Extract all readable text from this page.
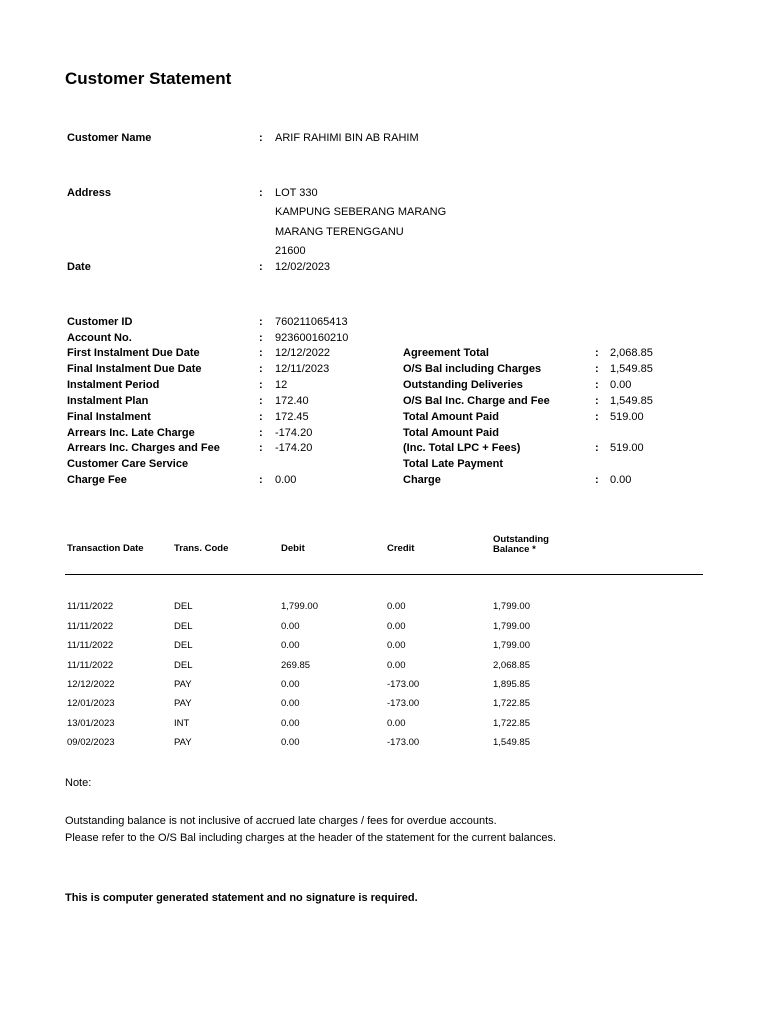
Customer Statement
Customer Name	: ARIF RAHIMI BIN AB RAHIM
Address	: LOT 330
KAMPUNG SEBERANG MARANG
MARANG TERENGGANU
21600
Date	: 12/02/2023
Customer ID	: 760211065413
Account No.	: 923600160210
First Instalment Due Date	: 12/12/2022
Final Instalment Due Date	: 12/11/2023
Instalment Period	: 12
Instalment Plan	: 172.40
Final Instalment	: 172.45
Arrears Inc. Late Charge	: -174.20
Arrears Inc. Charges and Fee	: -174.20
Customer Care Service
Charge Fee	: 0.00
Agreement Total	: 2,068.85
O/S Bal including Charges	: 1,549.85
Outstanding Deliveries	: 0.00
O/S Bal Inc. Charge and Fee	: 1,549.85
Total Amount Paid	: 519.00
Total Amount Paid
(Inc. Total LPC + Fees)	: 519.00
Total Late Payment
Charge	: 0.00
Transaction Date	Trans. Code	Debit	Credit
Outstanding
Balance *
11/11/2022	DEL	1,799.00	0.00	1,799.00
11/11/2022	DEL	0.00	0.00	1,799.00
11/11/2022	DEL	0.00	0.00	1,799.00
11/11/2022	DEL	269.85	0.00	2,068.85
12/12/2022	PAY	0.00	-173.00	1,895.85
12/01/2023	PAY	0.00	-173.00	1,722.85
13/01/2023	INT	0.00	0.00	1,722.85
09/02/2023	PAY	0.00	-173.00	1,549.85
Note:
Outstanding balance is not inclusive of accrued late charges / fees for overdue accounts.
Please refer to the O/S Bal including charges at the header of the statement for the current balances.
This is computer generated statement and no signature is required.
